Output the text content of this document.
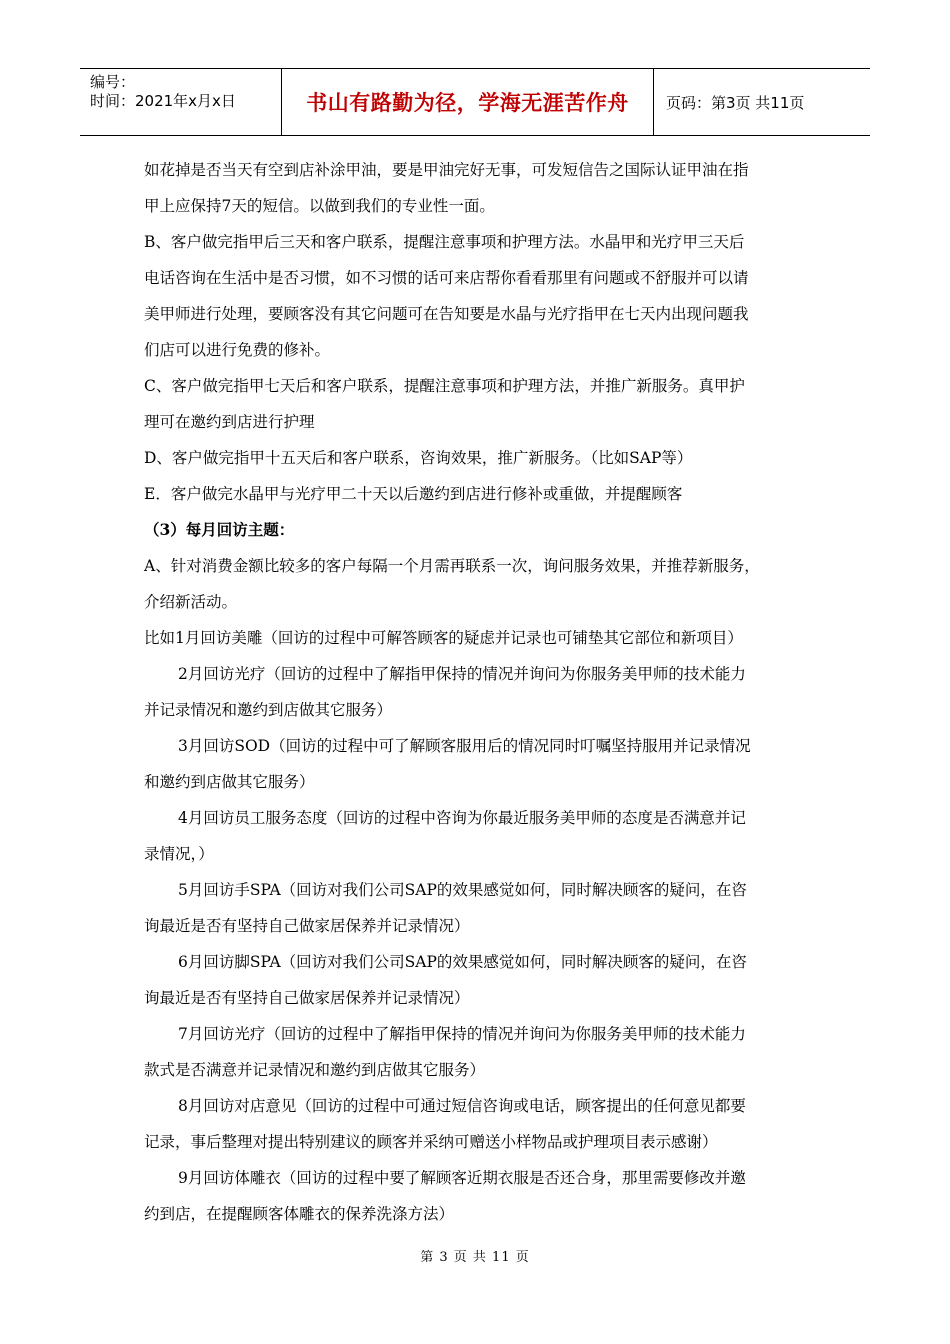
编号：
时间：2021年x月x日	书山有路勤为径，学海无涯苦作舟	页码：第3页 共11页

如花掉是否当天有空到店补涂甲油，要是甲油完好无事，可发短信告之国际认证甲油在指

甲上应保持7天的短信。以做到我们的专业性一面。

B、客户做完指甲后三天和客户联系，提醒注意事项和护理方法。水晶甲和光疗甲三天后

电话咨询在生活中是否习惯，如不习惯的话可来店帮你看看那里有问题或不舒服并可以请

美甲师进行处理，要顾客没有其它问题可在告知要是水晶与光疗指甲在七天内出现问题我

们店可以进行免费的修补。

C、客户做完指甲七天后和客户联系，提醒注意事项和护理方法，并推广新服务。真甲护

理可在邀约到店进行护理

D、客户做完指甲十五天后和客户联系，咨询效果，推广新服务。（比如SAP等）

E．客户做完水晶甲与光疗甲二十天以后邀约到店进行修补或重做，并提醒顾客

（3）每月回访主题：

A、针对消费金额比较多的客户每隔一个月需再联系一次，询问服务效果，并推荐新服务，

介绍新活动。

比如1月回访美雕（回访的过程中可解答顾客的疑虑并记录也可铺垫其它部位和新项目）

2月回访光疗（回访的过程中了解指甲保持的情况并询问为你服务美甲师的技术能力

并记录情况和邀约到店做其它服务）

3月回访SOD（回访的过程中可了解顾客服用后的情况同时叮嘱坚持服用并记录情况

和邀约到店做其它服务）

4月回访员工服务态度（回访的过程中咨询为你最近服务美甲师的态度是否满意并记

录情况，）

5月回访手SPA（回访对我们公司SAP的效果感觉如何，同时解决顾客的疑问，在咨

询最近是否有坚持自己做家居保养并记录情况）

6月回访脚SPA（回访对我们公司SAP的效果感觉如何，同时解决顾客的疑问，在咨

询最近是否有坚持自己做家居保养并记录情况）

7月回访光疗（回访的过程中了解指甲保持的情况并询问为你服务美甲师的技术能力

款式是否满意并记录情况和邀约到店做其它服务）

8月回访对店意见（回访的过程中可通过短信咨询或电话，顾客提出的任何意见都要

记录，事后整理对提出特别建议的顾客并采纳可赠送小样物品或护理项目表示感谢）

9月回访体雕衣（回访的过程中要了解顾客近期衣服是否还合身，那里需要修改并邀

约到店，在提醒顾客体雕衣的保养洗涤方法）

第 3 页 共 11 页
